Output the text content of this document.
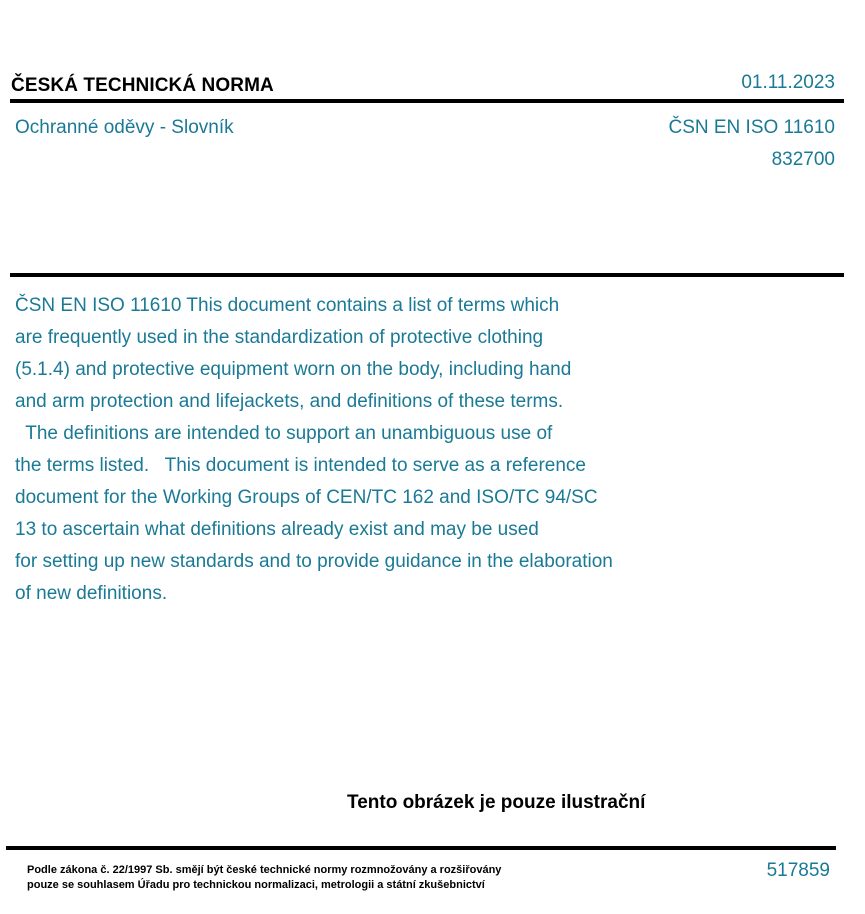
ČESKÁ TECHNICKÁ NORMA	01.11.2023
Ochranné oděvy - Slovník	ČSN EN ISO 11610
832700
ČSN EN ISO 11610 This document contains a list of terms which
are frequently used in the standardization of protective clothing
(5.1.4) and protective equipment worn on the body, including hand
and arm protection and lifejackets, and definitions of these terms.
The definitions are intended to support an unambiguous use of
the terms listed.   This document is intended to serve as a reference
document for the Working Groups of CEN/TC 162 and ISO/TC 94/SC
13 to ascertain what definitions already exist and may be used
for setting up new standards and to provide guidance in the elaboration
of new definitions.
Tento obrázek je pouze ilustrační
Podle zákona č. 22/1997 Sb. smějí být české technické normy rozmnožovány a rozšiřovány
pouze se souhlasem Úřadu pro technickou normalizaci, metrologii a státní zkušebnictví
517859
